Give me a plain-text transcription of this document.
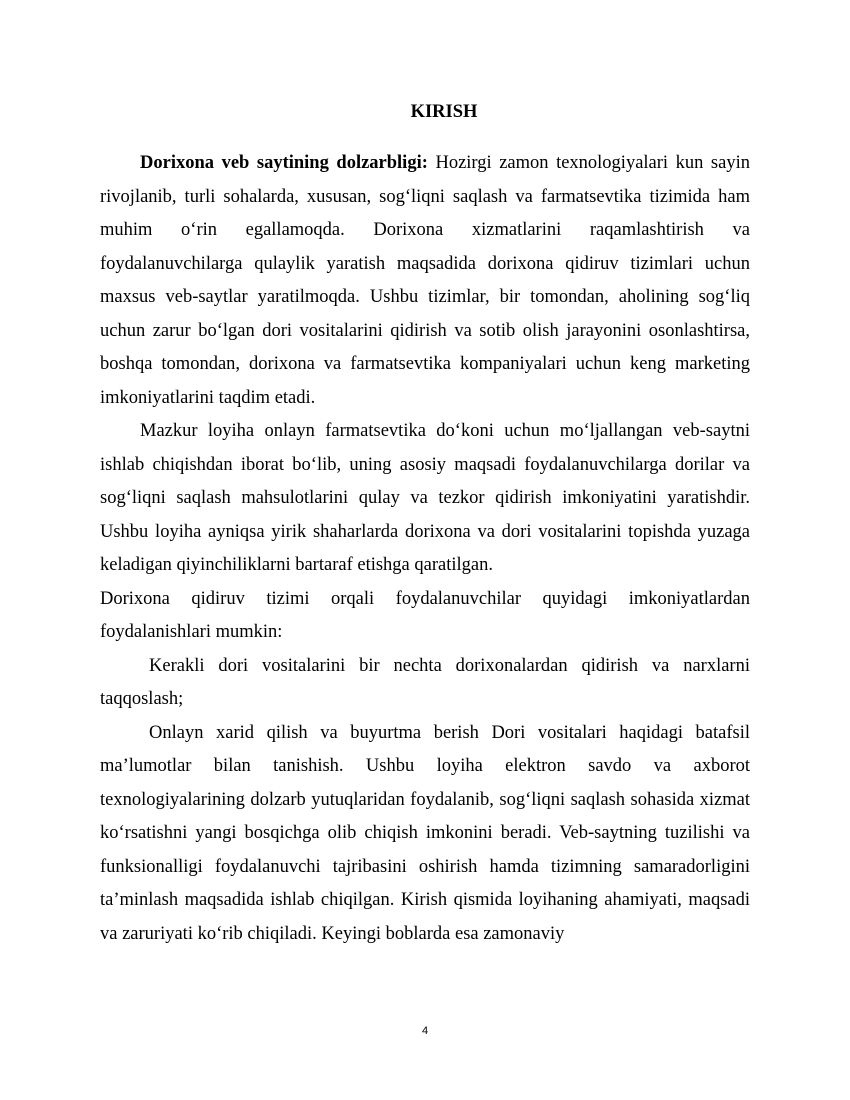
KIRISH

Dorixona veb saytining dolzarbligi: Hozirgi zamon texnologiyalari kun sayin rivojlanib, turli sohalarda, xususan, sog‘liqni saqlash va farmatsevtika tizimida ham muhim o‘rin egallamoqda. Dorixona xizmatlarini raqamlashtirish va foydalanuvchilarga qulaylik yaratish maqsadida dorixona qidiruv tizimlari uchun maxsus veb-saytlar yaratilmoqda. Ushbu tizimlar, bir tomondan, aholining sog‘liq uchun zarur bo‘lgan dori vositalarini qidirish va sotib olish jarayonini osonlashtirsa, boshqa tomondan, dorixona va farmatsevtika kompaniyalari uchun keng marketing imkoniyatlarini taqdim etadi.

Mazkur loyiha onlayn farmatsevtika do‘koni uchun mo‘ljallangan veb-saytni ishlab chiqishdan iborat bo‘lib, uning asosiy maqsadi foydalanuvchilarga dorilar va sog‘liqni saqlash mahsulotlarini qulay va tezkor qidirish imkoniyatini yaratishdir. Ushbu loyiha ayniqsa yirik shaharlarda dorixona va dori vositalarini topishda yuzaga keladigan qiyinchiliklarni bartaraf etishga qaratilgan.

Dorixona qidiruv tizimi orqali foydalanuvchilar quyidagi imkoniyatlardan foydalanishlari mumkin:

Kerakli dori vositalarini bir nechta dorixonalardan qidirish va narxlarni taqqoslash;

Onlayn xarid qilish va buyurtma berish Dori vositalari haqidagi batafsil ma’lumotlar bilan tanishish. Ushbu loyiha elektron savdo va axborot texnologiyalarining dolzarb yutuqlaridan foydalanib, sog‘liqni saqlash sohasida xizmat ko‘rsatishni yangi bosqichga olib chiqish imkonini beradi. Veb-saytning tuzilishi va funksionalligi foydalanuvchi tajribasini oshirish hamda tizimning samaradorligini ta’minlash maqsadida ishlab chiqilgan. Kirish qismida loyihaning ahamiyati, maqsadi va zaruriyati ko‘rib chiqiladi. Keyingi boblarda esa zamonaviy

4
